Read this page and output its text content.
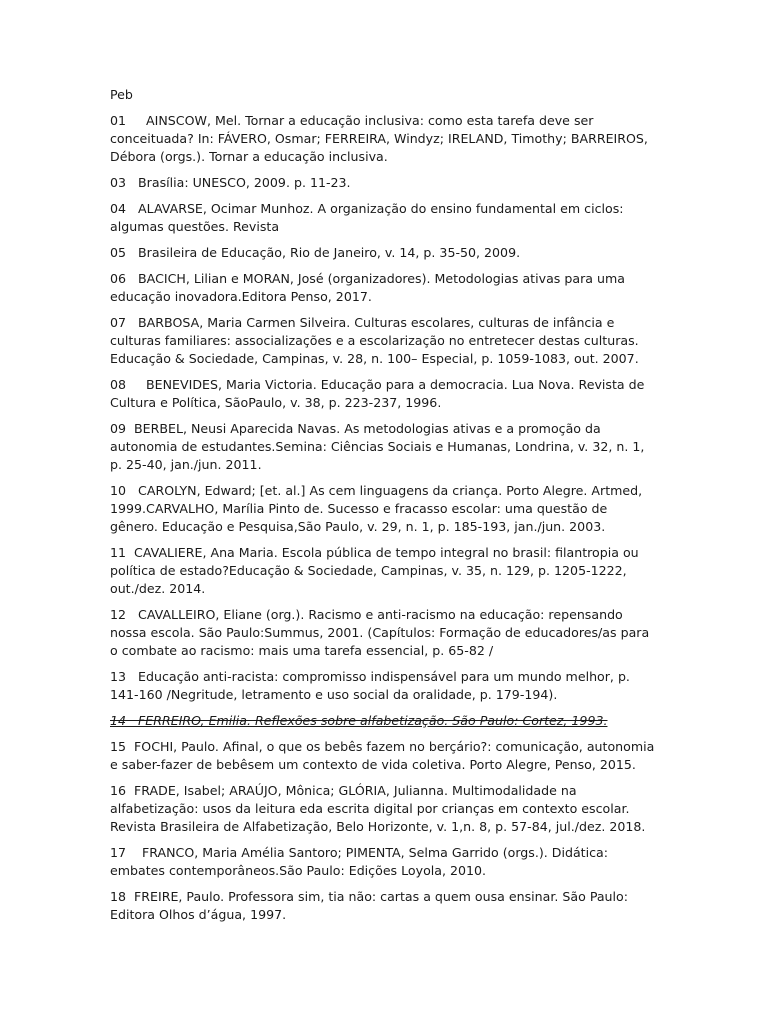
Peb

01     AINSCOW, Mel. Tornar a educação inclusiva: como esta tarefa deve ser conceituada? In: FÁVERO, Osmar; FERREIRA, Windyz; IRELAND, Timothy; BARREIROS, Débora (orgs.). Tornar a educação inclusiva.

03   Brasília: UNESCO, 2009. p. 11-23.

04   ALAVARSE, Ocimar Munhoz. A organização do ensino fundamental em ciclos: algumas questões. Revista

05   Brasileira de Educação, Rio de Janeiro, v. 14, p. 35-50, 2009.

06   BACICH, Lilian e MORAN, José (organizadores). Metodologias ativas para uma educação inovadora.Editora Penso, 2017.

07   BARBOSA, Maria Carmen Silveira. Culturas escolares, culturas de infância e culturas familiares: assocializações e a escolarização no entretecer destas culturas. Educação & Sociedade, Campinas, v. 28, n. 100– Especial, p. 1059-1083, out. 2007.

08     BENEVIDES, Maria Victoria. Educação para a democracia. Lua Nova. Revista de Cultura e Política, SãoPaulo, v. 38, p. 223-237, 1996.

09  BERBEL, Neusi Aparecida Navas. As metodologias ativas e a promoção da autonomia de estudantes.Semina: Ciências Sociais e Humanas, Londrina, v. 32, n. 1, p. 25-40, jan./jun. 2011.

10   CAROLYN, Edward; [et. al.] As cem linguagens da criança. Porto Alegre. Artmed, 1999.CARVALHO, Marília Pinto de. Sucesso e fracasso escolar: uma questão de gênero. Educação e Pesquisa,São Paulo, v. 29, n. 1, p. 185-193, jan./jun. 2003.

11  CAVALIERE, Ana Maria. Escola pública de tempo integral no brasil: filantropia ou política de estado?Educação & Sociedade, Campinas, v. 35, n. 129, p. 1205-1222, out./dez. 2014.

12   CAVALLEIRO, Eliane (org.). Racismo e anti-racismo na educação: repensando nossa escola. São Paulo:Summus, 2001. (Capítulos: Formação de educadores/as para o combate ao racismo: mais uma tarefa essencial, p. 65-82 /

13   Educação anti-racista: compromisso indispensável para um mundo melhor, p. 141-160 /Negritude, letramento e uso social da oralidade, p. 179-194).

14   FERREIRO, Emilia. Reflexões sobre alfabetização. São Paulo: Cortez, 1993.

15  FOCHI, Paulo. Afinal, o que os bebês fazem no berçário?: comunicação, autonomia e saber-fazer de bebêsem um contexto de vida coletiva. Porto Alegre, Penso, 2015.

16  FRADE, Isabel; ARAÚJO, Mônica; GLÓRIA, Julianna. Multimodalidade na alfabetização: usos da leitura eda escrita digital por crianças em contexto escolar. Revista Brasileira de Alfabetização, Belo Horizonte, v. 1,n. 8, p. 57-84, jul./dez. 2018.

17    FRANCO, Maria Amélia Santoro; PIMENTA, Selma Garrido (orgs.). Didática: embates contemporâneos.São Paulo: Edições Loyola, 2010.

18  FREIRE, Paulo. Professora sim, tia não: cartas a quem ousa ensinar. São Paulo: Editora Olhos d’água, 1997.
